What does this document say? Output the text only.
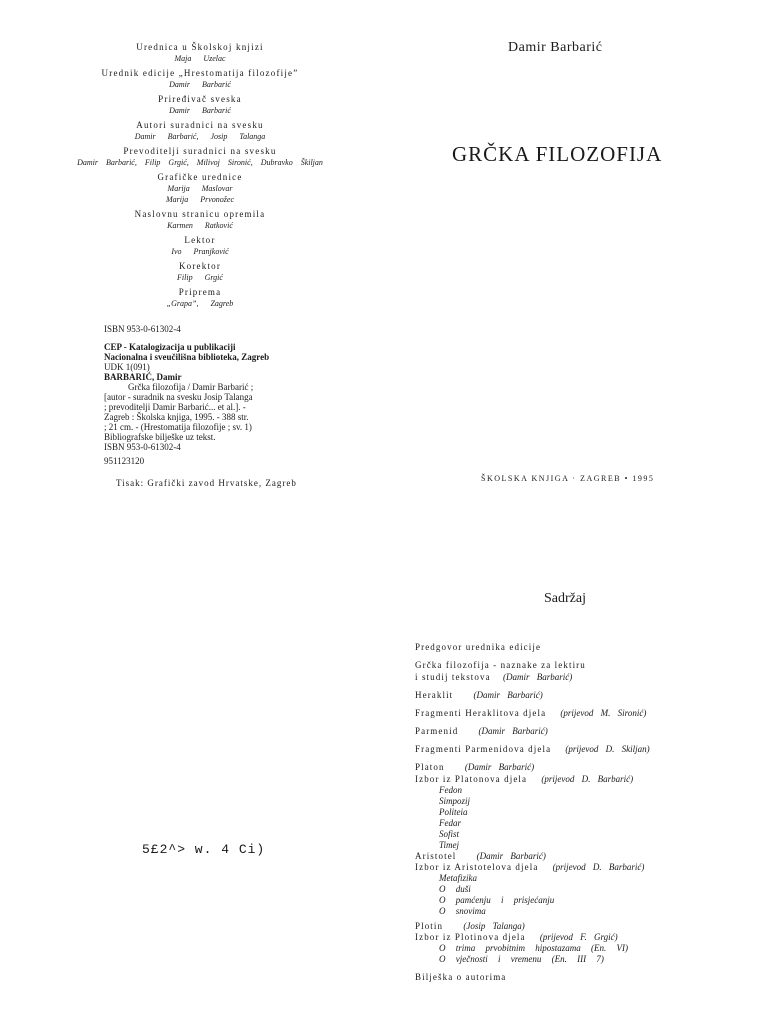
Urednica u Školskoj knjizi
Maja Uzelac
Urednik edicije „Hrestomatija filozofije”
Damir Barbarić
Priređivač sveska
Damir Barbarić
Autori suradnici na svesku
Damir Barbarić, Josip Talanga
Prevoditelji suradnici na svesku
Damir Barbarić, Filip Grgić, Milivoj Sironić, Dubravko Škiljan
Grafičke urednice
Marija Maslovar
Marija Prvonožec
Naslovnu stranicu opremila
Karmen Ratković
Lektor
Ivo Pranjković
Korektor
Filip Grgić
Priprema
„Grapa”, Zagreb
ISBN 953-0-61302-4
CEP - Katalogizacija u publikaciji
Nacionalna i sveučilišna biblioteka, Zagreb
UDK 1(091)
BARBARIĆ, Damir
Grčka filozofija / Damir Barbarić ;
[autor - suradnik na svesku Josip Talanga
; prevoditelji Damir Barbarić... et al.]. -
Zagreb : Školska knjiga, 1995. - 388 str.
; 21 cm. - (Hrestomatija filozofije ; sv. 1)
Bibliografske bilješke uz tekst.
ISBN 953-0-61302-4
951123120
Tisak: Grafički zavod Hrvatske, Zagreb
5£2^> w. 4 Ci)
Damir Barbarić
GRČKA FILOZOFIJA
ŠKOLSKA KNJIGA · ZAGREB • 1995
Sadržaj
Predgovor urednika edicije
Grčka filozofija - naznake za lektiru
i studij tekstova (Damir Barbarić)
Heraklit (Damir Barbarić)
Fragmenti Heraklitova djela (prijevod M. Sironić)
Parmenid (Damir Barbarić)
Fragmenti Parmenidova djela (prijevod D. Skiljan)
Platon (Damir Barbarić)
Izbor iz Platonova djela (prijevod D. Barbarić)
Fedon
Simpozij
Politeia
Fedar
Sofist
Timej
Aristotel (Damir Barbarić)
Izbor iz Aristotelova djela (prijevod D. Barbarić)
Metafizika
O duši
O pamćenju i prisjećanju
O snovima
Plotin (Josip Talanga)
Izbor iz Plotinova djela (prijevod F. Grgić)
O trima prvobitnim hipostazama (En. VI)
O vječnosti i vremenu (En. III 7)
Bilješka o autorima
